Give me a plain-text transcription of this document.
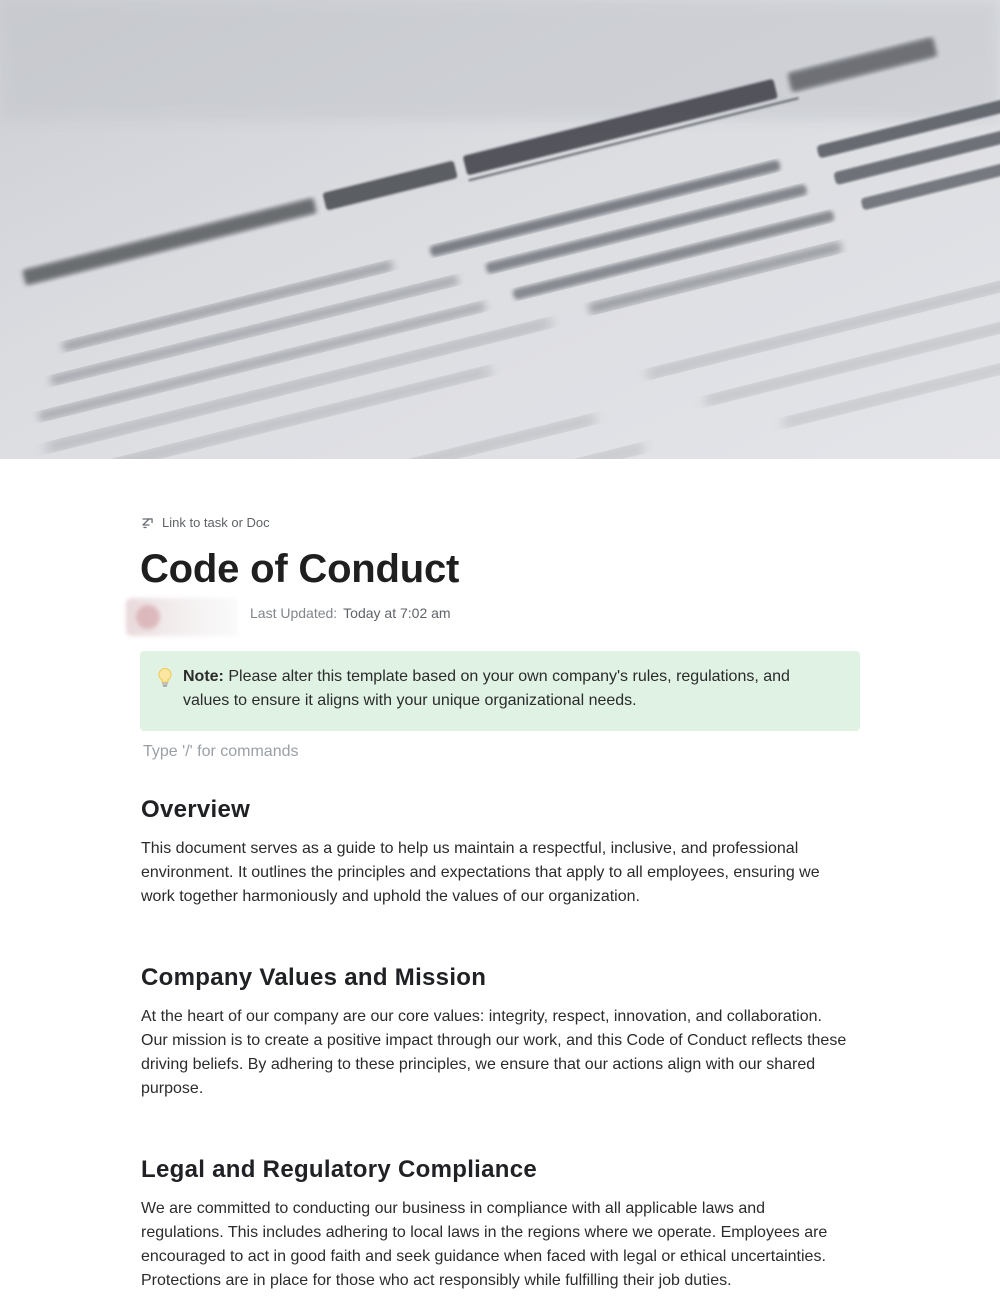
Link to task or Doc
Code of Conduct
Last Updated: Today at 7:02 am
Note: Please alter this template based on your own company's rules, regulations, and values to ensure it aligns with your unique organizational needs.
Type '/' for commands
Overview

This document serves as a guide to help us maintain a respectful, inclusive, and professional environment. It outlines the principles and expectations that apply to all employees, ensuring we work together harmoniously and uphold the values of our organization.

Company Values and Mission

At the heart of our company are our core values: integrity, respect, innovation, and collaboration. Our mission is to create a positive impact through our work, and this Code of Conduct reflects these driving beliefs. By adhering to these principles, we ensure that our actions align with our shared purpose.

Legal and Regulatory Compliance

We are committed to conducting our business in compliance with all applicable laws and regulations. This includes adhering to local laws in the regions where we operate. Employees are encouraged to act in good faith and seek guidance when faced with legal or ethical uncertainties. Protections are in place for those who act responsibly while fulfilling their job duties.
